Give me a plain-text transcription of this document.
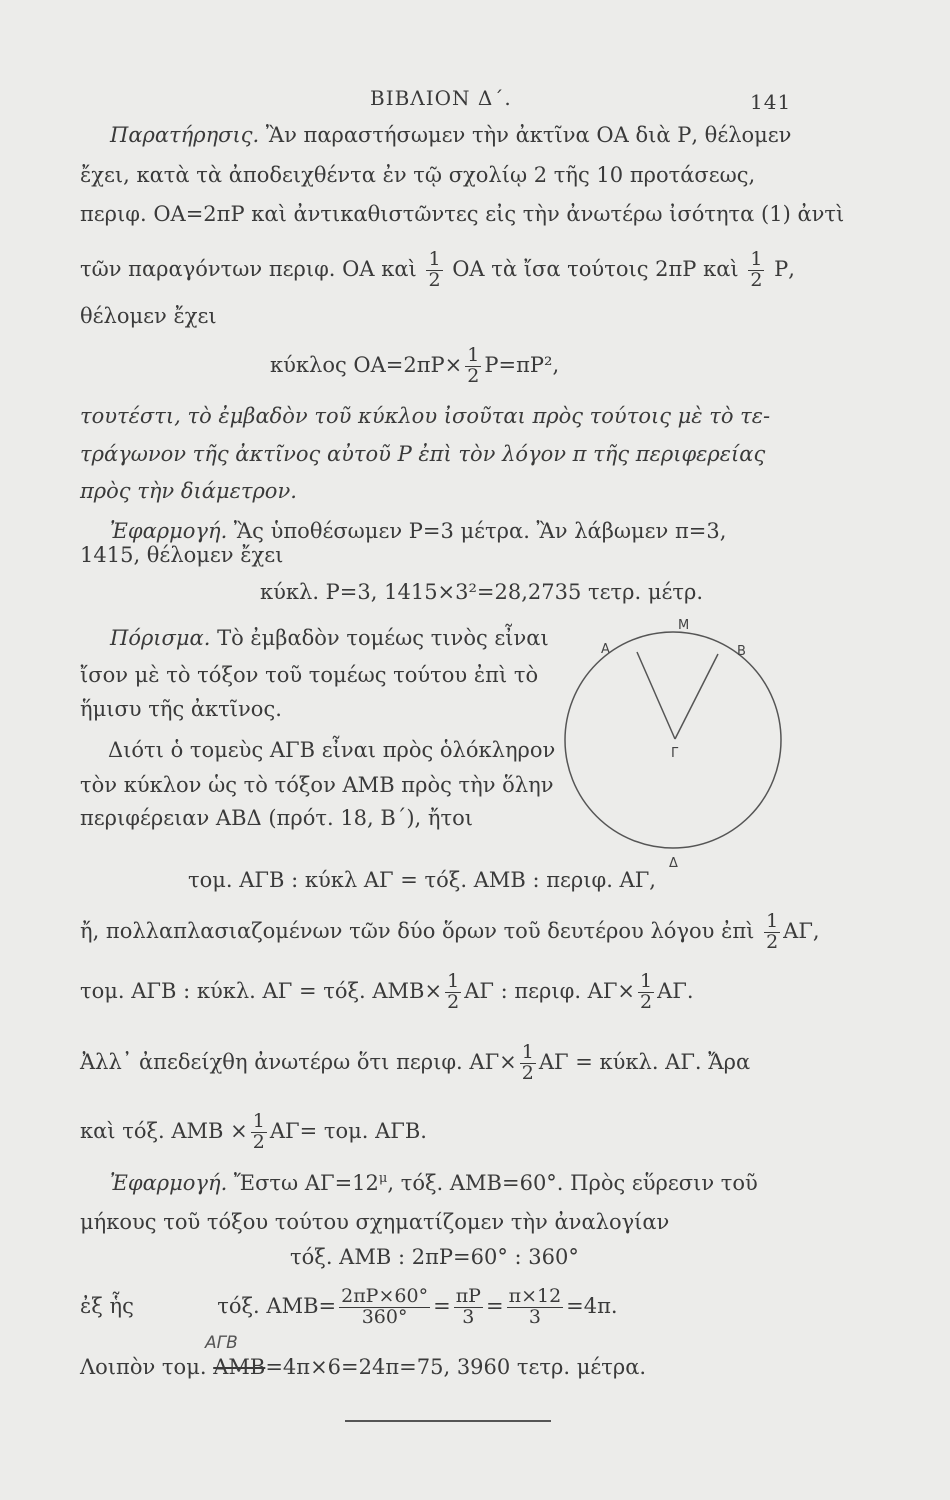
ΒΙΒΛΙΟΝ Δ΄.	141
Παρατήρησις. Ἂν παραστήσωμεν τὴν ἀκτῖνα ΟΑ διὰ Ρ, θέλομεν
ἔχει, κατὰ τὰ ἀποδειχθέντα ἐν τῷ σχολίῳ 2 τῆς 10 προτάσεως,
περιφ. ΟΑ=2πΡ καὶ ἀντικαθιστῶντες εἰς τὴν ἀνωτέρω ἰσότητα (1) ἀντὶ
τῶν παραγόντων περιφ. ΟΑ καὶ $\frac{1}{2}$ ΟΑ τὰ ἴσα τούτοις 2πΡ καὶ $\frac{1}{2} P$,
θέλομεν ἔχει
κύκλος $OA=2\pi P\times \frac{1}{2} P=\pi P^2$,
τουτέστι, τὸ ἐμβαδὸν τοῦ κύκλου ἰσοῦται πρὸς τούτοις μὲ τὸ τε-
τράγωνον τῆς ἀκτῖνος αὐτοῦ Ρ ἐπὶ τὸν λόγον π τῆς περιφερείας
πρὸς τὴν διάμετρον.
Ἐφαρμογή. Ἂς ὑποθέσωμεν Ρ=3 μέτρα. Ἂν λάβωμεν π=3,
1415, θέλομεν ἔχει
κύκλ. Ρ=3, 1415×3²=28,2735 τετρ. μέτρ.
Πόρισμα. Τὸ ἐμβαδὸν τομέως τινὸς εἶναι
ἴσον μὲ τὸ τόξον τοῦ τομέως τούτου ἐπὶ τὸ
ἥμισυ τῆς ἀκτῖνος.
Διότι ὁ τομεὺς ΑΓΒ εἶναι πρὸς ὁλόκληρον
τὸν κύκλον ὡς τὸ τόξον ΑΜΒ πρὸς τὴν ὅλην
περιφέρειαν ΑΒΔ (πρότ. 18, Β΄), ἤτοι
Α
Μ
Β
Γ
Δ
τομ. ΑΓΒ : κύκλ ΑΓ = τόξ. ΑΜΒ : περιφ. ΑΓ,
ἤ, πολλαπλασιαζομένων τῶν δύο ὅρων τοῦ δευτέρου λόγου ἐπὶ $\frac{1}{2} A\Gamma$,
τομ. ΑΓΒ : κύκλ. ΑΓ = τόξ. $AMB\times \frac{1}{2}$ ΑΓ : περιφ. $A\Gamma\times \frac{1}{2} A\Gamma$.
Ἀλλ᾽ ἀπεδείχθη ἀνωτέρω ὅτι περιφ. $A\Gamma\times \frac{1}{2}$ ΑΓ = κύκλ. ΑΓ. Ἄρα
καὶ τόξ. $AMB \times \frac{1}{2} A\Gamma= \tau o\mu$. ΑΓΒ.
Ἐφαρμογή. Ἔστω $A\Gamma=12^\mu$, τόξ. ΑΜΒ=60°. Πρὸς εὕρεσιν τοῦ
μήκους τοῦ τόξου τούτου σχηματίζομεν τὴν ἀναλογίαν
τόξ. ΑΜΒ : 2πΡ=60° : 360°
ἐξ ἧς	τόξ. $AMB= \frac{2\pi P\times 60^\circ}{360^\circ} = \frac{\pi P}{3} = \frac{\pi\times 12}{3} =4\pi$.
ΑΓΒ
Λοιπὸν τομ. ΑΜΒ=4π×6=24π=75, 3960 τετρ. μέτρα.
